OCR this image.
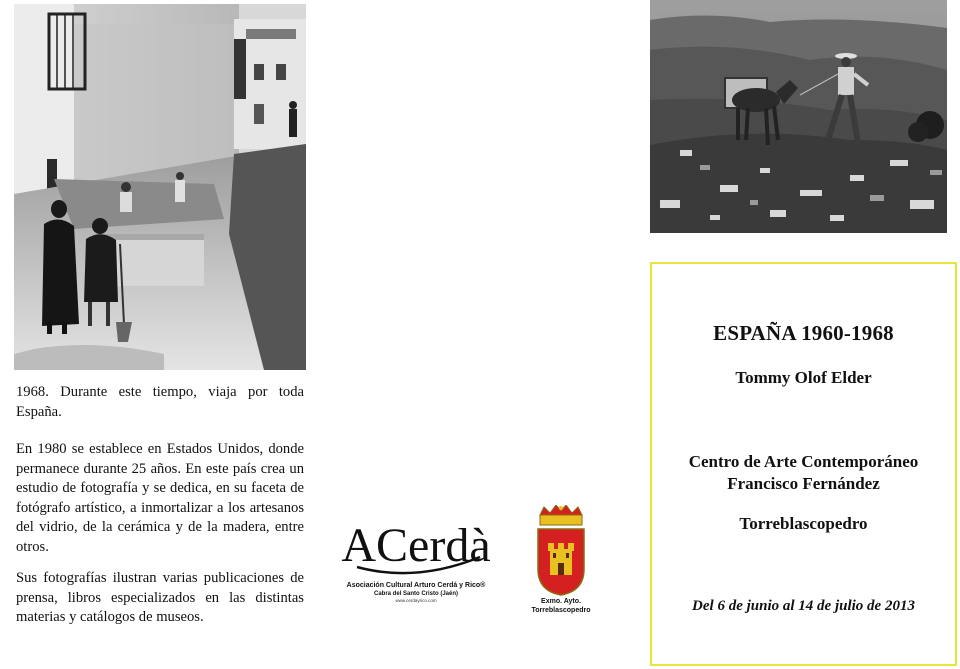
1968. Durante este tiempo, viaja por toda España.
En 1980 se establece en Estados Unidos, donde permanece durante 25 años. En este país crea un estudio de fotografía y se dedica, en su faceta de fotógrafo artístico, a inmortalizar a los artesanos del vidrio, de la cerámica y de la madera, entre otros.
Sus fotografías ilustran varias publicaciones de prensa, libros especializados en las distintas materias y catálogos de museos.
ACerdà
Asociación Cultural Arturo Cerdá y Rico®
Cabra del Santo Cristo (Jaén)
www.cerdayrico.com	Exmo. Ayto.
Torreblascopedro
ESPAÑA 1960-1968
Tommy Olof Elder
Centro de Arte Contemporáneo
Francisco Fernández
Torreblascopedro
Del 6 de junio al 14 de julio de 2013
